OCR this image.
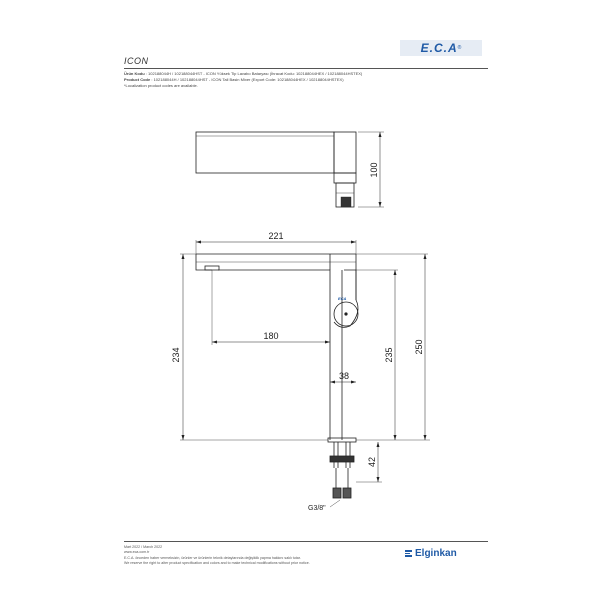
E.C.A ®
ICON
Ürün Kodu : 102188044H / 102188044HST - ICON Yüksek Tip Lavabo Bataryası (İhracat Kodu: 102188044HEX / 102188044HSTEX)
Product Code : 102188044H / 102188044HST - ICON Tall Basin Mixer (Export Code: 102188044HEX / 102188044HSTEX)
*Localization product codes are available.
ECA
100
221
180
38
234	235
250
42
G3/8"
Mart 2022 / March 2022
www.eca.com.tr
E.C.A. önceden haber vermeksizin, ürünler ve ürünlerin teknik detaylarında değişiklik yapma hakkını saklı tutar.
We reserve the right to alter product specification and colors and to make technical modifications without prior notice.
Elginkan
